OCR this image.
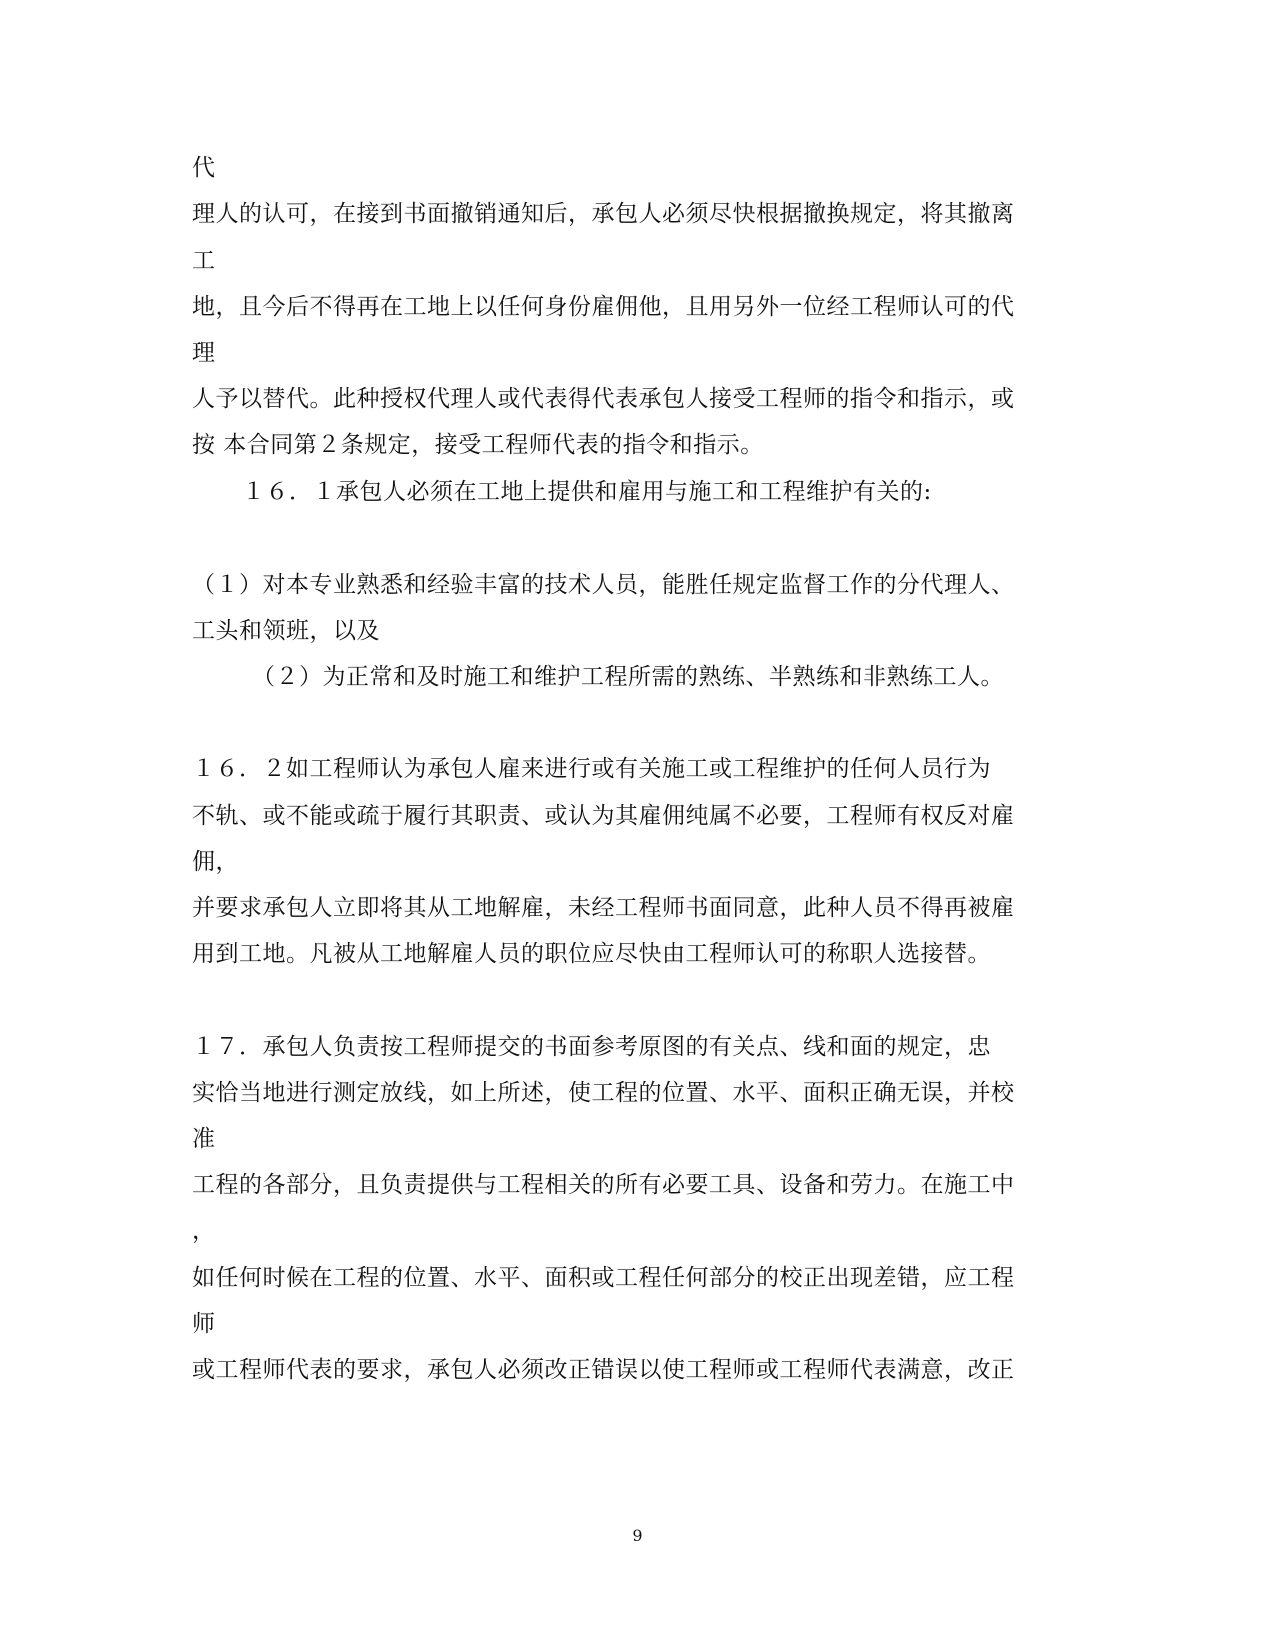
代
理人的认可，在接到书面撤销通知后，承包人必须尽快根据撤换规定，将其撤离
工
地，且今后不得再在工地上以任何身份雇佣他，且用另外一位经工程师认可的代
理
人予以替代。此种授权代理人或代表得代表承包人接受工程师的指令和指示，或
按 本合同第２条规定，接受工程师代表的指令和指示。
１６．１承包人必须在工地上提供和雇用与施工和工程维护有关的:
（１）对本专业熟悉和经验丰富的技术人员，能胜任规定监督工作的分代理人、
工头和领班，以及
（２）为正常和及时施工和维护工程所需的熟练、半熟练和非熟练工人。
１６．２如工程师认为承包人雇来进行或有关施工或工程维护的任何人员行为
不轨、或不能或疏于履行其职责、或认为其雇佣纯属不必要，工程师有权反对雇
佣，
并要求承包人立即将其从工地解雇，未经工程师书面同意，此种人员不得再被雇
用到工地。凡被从工地解雇人员的职位应尽快由工程师认可的称职人选接替。
１７．承包人负责按工程师提交的书面参考原图的有关点、线和面的规定，忠
实恰当地进行测定放线，如上所述，使工程的位置、水平、面积正确无误，并校
准
工程的各部分，且负责提供与工程相关的所有必要工具、设备和劳力。在施工中
，
如任何时候在工程的位置、水平、面积或工程任何部分的校正出现差错，应工程
师
或工程师代表的要求，承包人必须改正错误以使工程师或工程师代表满意，改正
9
